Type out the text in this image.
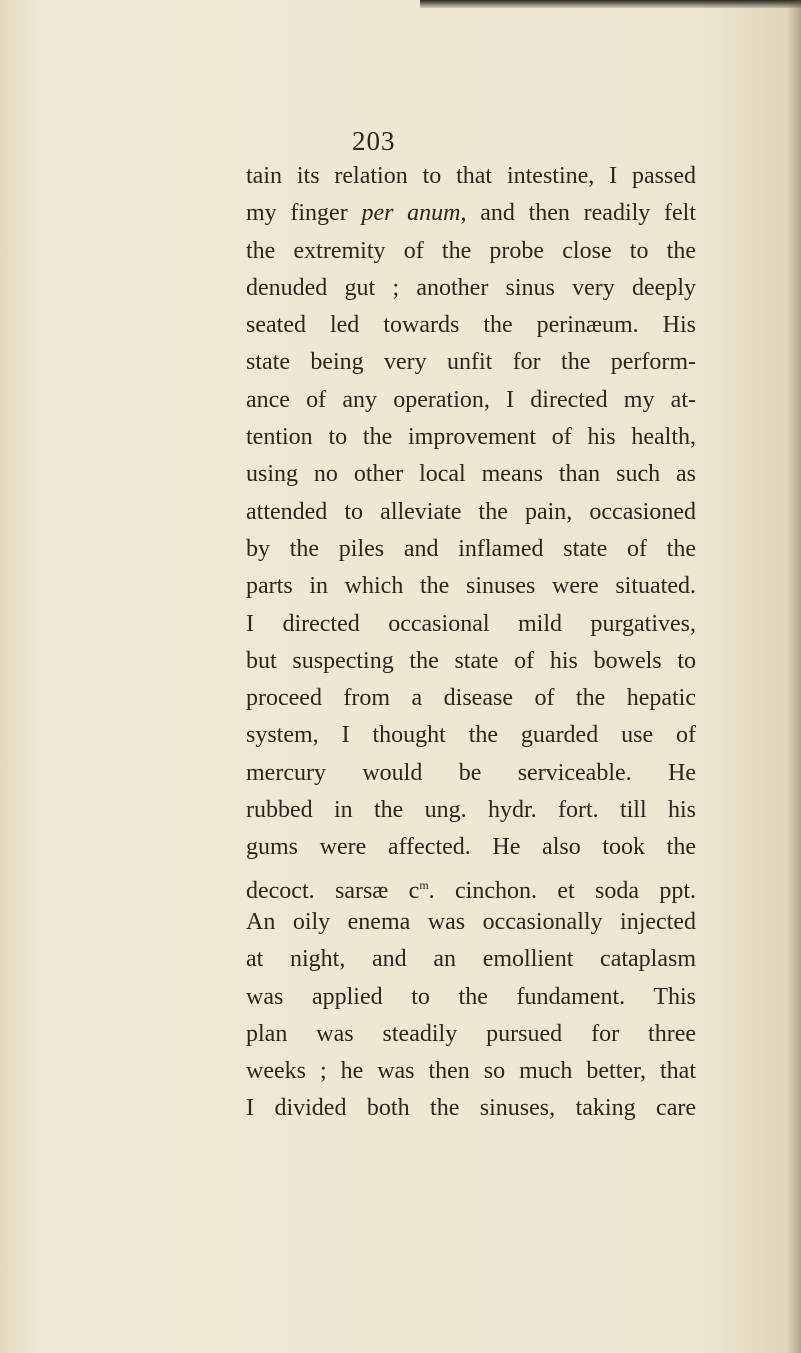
203
tain its relation to that intestine, I passed
my finger per anum, and then readily felt
the extremity of the probe close to the
denuded gut ; another sinus very deeply
seated led towards the perinæum. His
state being very unfit for the perform-
ance of any operation, I directed my at-
tention to the improvement of his health,
using no other local means than such as
attended to alleviate the pain, occasioned
by the piles and inflamed state of the
parts in which the sinuses were situated.
I directed occasional mild purgatives,
but suspecting the state of his bowels to
proceed from a disease of the hepatic
system, I thought the guarded use of
mercury would be serviceable. He
rubbed in the ung. hydr. fort. till his
gums were affected. He also took the
decoct. sarsæ $c^m$. cinchon. et soda ppt.
An oily enema was occasionally injected
at night, and an emollient cataplasm
was applied to the fundament. This
plan was steadily pursued for three
weeks ; he was then so much better, that
I divided both the sinuses, taking care
